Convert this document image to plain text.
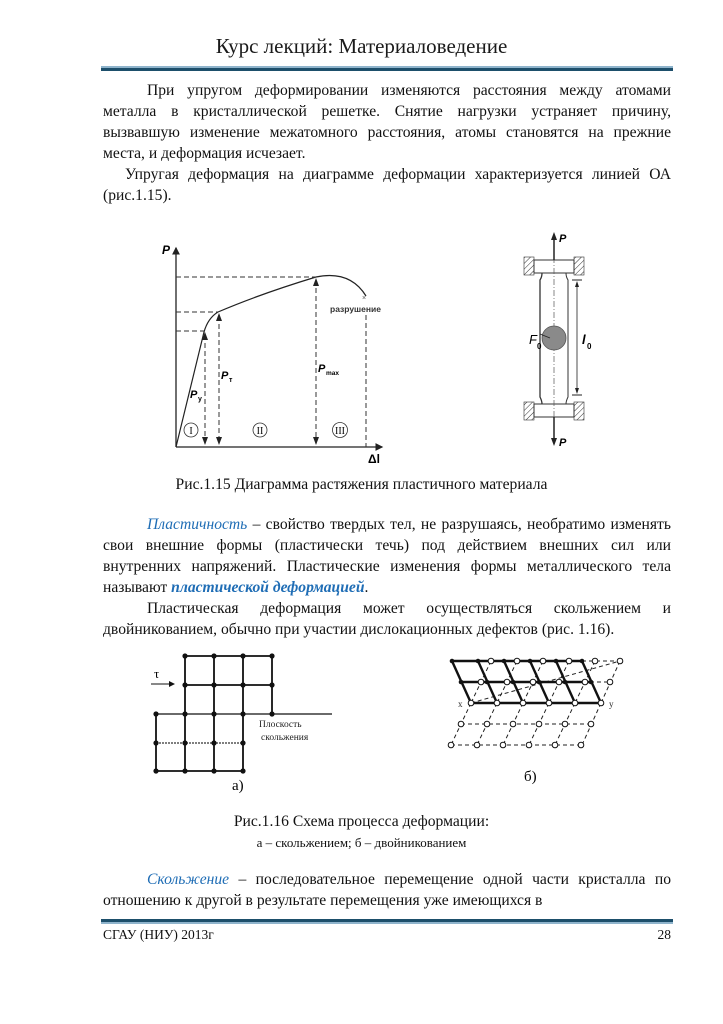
Курс лекций: Материаловедение
При упругом деформировании изменяются расстояния между атомами металла в кристаллической решетке. Снятие нагрузки устраняет причину, вызвавшую изменение межатомного расстояния, атомы становятся на прежние места, и деформация исчезает.
Упругая деформация на диаграмме деформации характеризуется линией ОА (рис.1.15).
P
Δl
×
P у
P т
P max
разрушение
I	II	III
P
P
F 0	l 0
Рис.1.15 Диаграмма растяжения пластичного материала
Пластичность – свойство твердых тел, не разрушаясь, необратимо изменять свои внешние формы (пластически течь) под действием внешних сил или внутренних напряжений. Пластические изменения формы металлического тела называют пластической деформацией.
Пластическая деформация может осуществляться скольжением и двойникованием, обычно при участии дислокационных дефектов (рис. 1.16).
τ
Плоскость
скольжения
а)
x	y
б)
Рис.1.16 Схема процесса деформации:
а – скольжением; б – двойникованием
Скольжение – последовательное перемещение одной части кристалла по отношению к другой в результате перемещения уже имеющихся в
СГАУ (НИУ) 2013г	28
